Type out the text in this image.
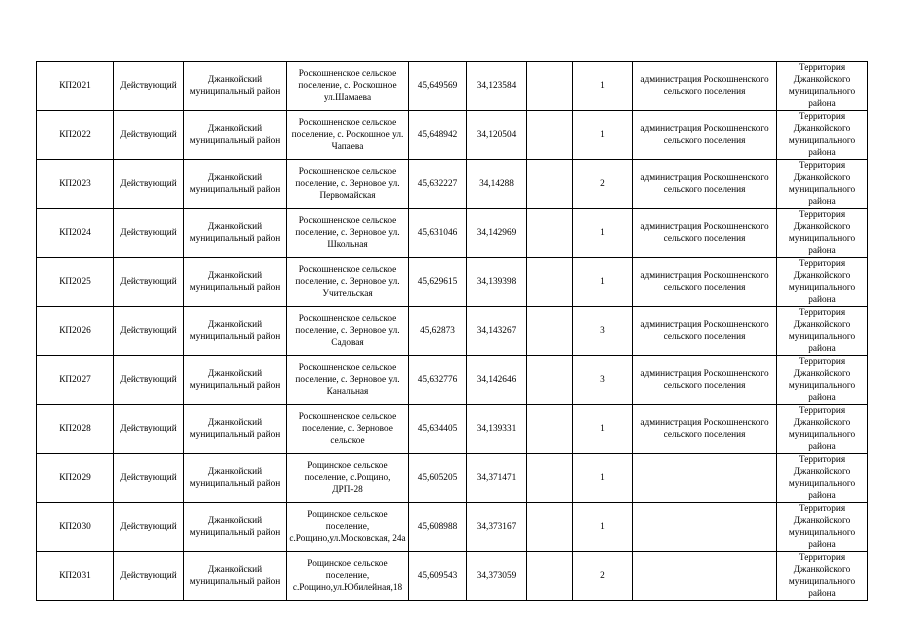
КП2021	Действующий	Джанкойский муниципальный район	Роскошненское сельское поселение, с. Роскошное ул.Шамаева	45,649569	34,123584		1	администрация Роскошненского сельского поселения	Территория Джанкойского муниципального района
КП2022	Действующий	Джанкойский муниципальный район	Роскошненское сельское поселение, с. Роскошное ул. Чапаева	45,648942	34,120504		1	администрация Роскошненского сельского поселения	Территория Джанкойского муниципального района
КП2023	Действующий	Джанкойский муниципальный район	Роскошненское сельское поселение, с. Зерновое ул. Первомайская	45,632227	34,14288		2	администрация Роскошненского сельского поселения	Территория Джанкойского муниципального района
КП2024	Действующий	Джанкойский муниципальный район	Роскошненское сельское поселение, с. Зерновое ул. Школьная	45,631046	34,142969		1	администрация Роскошненского сельского поселения	Территория Джанкойского муниципального района
КП2025	Действующий	Джанкойский муниципальный район	Роскошненское сельское поселение, с. Зерновое ул. Учительская	45,629615	34,139398		1	администрация Роскошненского сельского поселения	Территория Джанкойского муниципального района
КП2026	Действующий	Джанкойский муниципальный район	Роскошненское сельское поселение, с. Зерновое ул. Садовая	45,62873	34,143267		3	администрация Роскошненского сельского поселения	Территория Джанкойского муниципального района
КП2027	Действующий	Джанкойский муниципальный район	Роскошненское сельское поселение, с. Зерновое ул. Канальная	45,632776	34,142646		3	администрация Роскошненского сельского поселения	Территория Джанкойского муниципального района
КП2028	Действующий	Джанкойский муниципальный район	Роскошненское сельское поселение, с. Зерновое сельское	45,634405	34,139331		1	администрация Роскошненского сельского поселения	Территория Джанкойского муниципального района
КП2029	Действующий	Джанкойский муниципальный район	Рощинское сельское поселение, с.Рощино, ДРП-28	45,605205	34,371471		1		Территория Джанкойского муниципального района
КП2030	Действующий	Джанкойский муниципальный район	Рощинское сельское поселение, с.Рощино,ул.Московская, 24а	45,608988	34,373167		1		Территория Джанкойского муниципального района
КП2031	Действующий	Джанкойский муниципальный район	Рощинское сельское поселение, с.Рощино,ул.Юбилейная,18	45,609543	34,373059		2		Территория Джанкойского муниципального района
